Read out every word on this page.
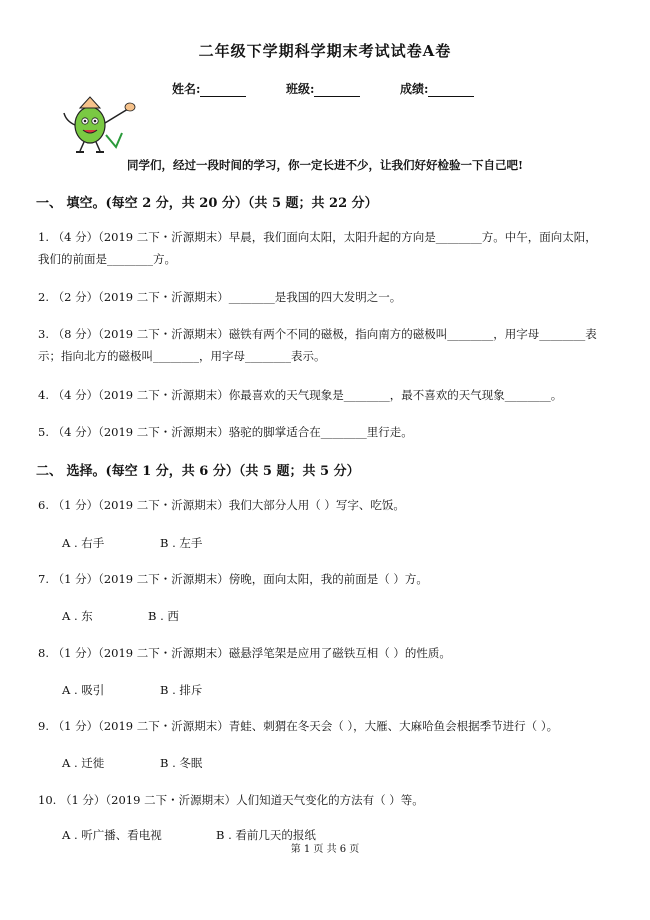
二年级下学期科学期末考试试卷A卷
姓名:	班级:	成绩:
同学们，经过一段时间的学习，你一定长进不少，让我们好好检验一下自己吧!
一、 填空。(每空 2 分，共 20 分）（共 5 题；共 22 分）
1. （4 分）（2019 二下・沂源期末）早晨，我们面向太阳，太阳升起的方向是________方。中午，面向太阳，
我们的前面是________方。
2. （2 分）（2019 二下・沂源期末）________是我国的四大发明之一。
3. （8 分）（2019 二下・沂源期末）磁铁有两个不同的磁极，指向南方的磁极叫________，用字母________表
示；指向北方的磁极叫________，用字母________表示。
4. （4 分）（2019 二下・沂源期末）你最喜欢的天气现象是________，最不喜欢的天气现象________。
5. （4 分）（2019 二下・沂源期末）骆驼的脚掌适合在________里行走。
二、 选择。(每空 1 分，共 6 分）（共 5 题；共 5 分）
6. （1 分）（2019 二下・沂源期末）我们大部分人用（ ）写字、吃饭。
A . 右手	B . 左手
7. （1 分）（2019 二下・沂源期末）傍晚，面向太阳，我的前面是（ ）方。
A . 东	B . 西
8. （1 分）（2019 二下・沂源期末）磁悬浮笔架是应用了磁铁互相（ ）的性质。
A . 吸引	B . 排斥
9. （1 分）（2019 二下・沂源期末）青蛙、刺猬在冬天会（ ），大雁、大麻哈鱼会根据季节进行（ ）。
A . 迁徙	B . 冬眠
10. （1 分）（2019 二下・沂源期末）人们知道天气变化的方法有（ ）等。
A . 听广播、看电视	B . 看前几天的报纸
第 1 页 共 6 页
